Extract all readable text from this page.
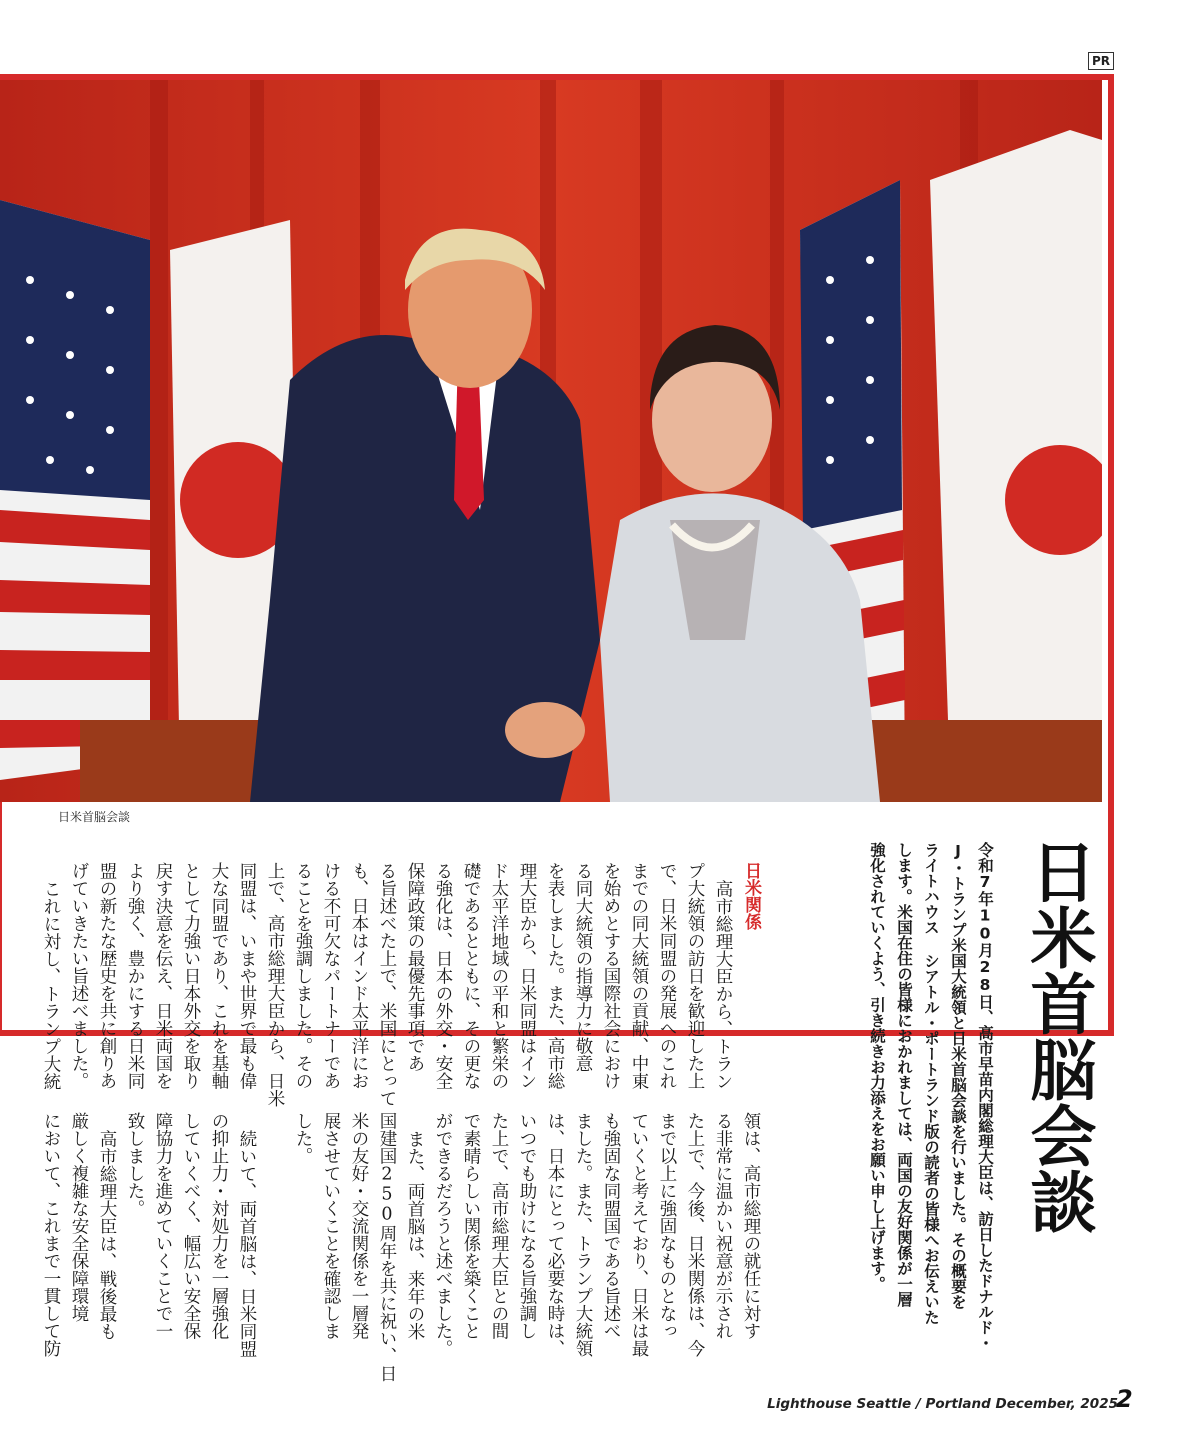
PR
日米首脳会談
日米首脳会談
令和7年10月28日、高市早苗内閣総理大臣は、訪日したドナルド・
J・トランプ米国大統領と日米首脳会談を行いました。その概要を
ライトハウス シアトル・ポートランド版の読者の皆様へお伝えいた
します。米国在住の皆様におかれましては、両国の友好関係が一層
強化されていくよう、引き続きお力添えをお願い申し上げます。
日米関係
高市総理大臣から、トラン
プ大統領の訪日を歓迎した上
で、日米同盟の発展へのこれ
までの同大統領の貢献、中東
を始めとする国際社会におけ
る同大統領の指導力に敬意
を表しました。また、高市総
理大臣から、日米同盟はイン
ド太平洋地域の平和と繁栄の
礎であるとともに、その更な
る強化は、日本の外交・安全
保障政策の最優先事項であ
る旨述べた上で、米国にとって
も、日本はインド太平洋にお
ける不可欠なパートナーであ
ることを強調しました。その
上で、高市総理大臣から、日米
同盟は、いまや世界で最も偉
大な同盟であり、これを基軸
として力強い日本外交を取り
戻す決意を伝え、日米両国を
より強く、豊かにする日米同
盟の新たな歴史を共に創りあ
げていきたい旨述べました。
これに対し、トランプ大統
領は、高市総理の就任に対す
る非常に温かい祝意が示され
た上で、今後、日米関係は、今
まで以上に強固なものとなっ
ていくと考えており、日米は最
も強固な同盟国である旨述べ
ました。また、トランプ大統領
は、日本にとって必要な時は、
いつでも助けになる旨強調し
た上で、高市総理大臣との間
で素晴らしい関係を築くこと
ができるだろうと述べました。
また、両首脳は、来年の米
国建国250周年を共に祝い、日
米の友好・交流関係を一層発
展させていくことを確認しま
した。
続いて、両首脳は、日米同盟
の抑止力・対処力を一層強化
していくべく、幅広い安全保
障協力を進めていくことで一
致しました。
高市総理大臣は、戦後最も
厳しく複雑な安全保障環境
において、これまで一貫して防
Lighthouse Seattle / Portland December, 2025
2
